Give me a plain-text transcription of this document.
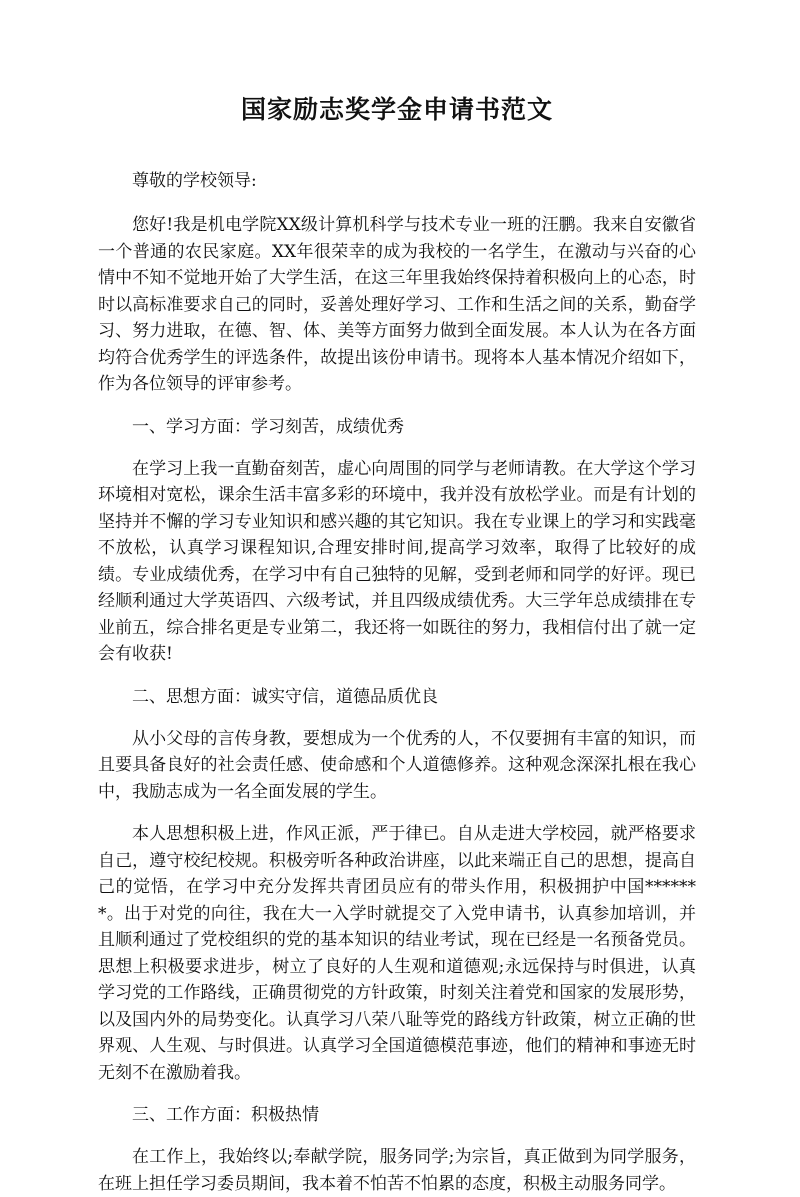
国家励志奖学金申请书范文

尊敬的学校领导:

您好!我是机电学院XX级计算机科学与技术专业一班的汪鹏。我来自安徽省一个普通的农民家庭。XX年很荣幸的成为我校的一名学生，在激动与兴奋的心情中不知不觉地开始了大学生活，在这三年里我始终保持着积极向上的心态，时时以高标准要求自己的同时，妥善处理好学习、工作和生活之间的关系，勤奋学习、努力进取，在德、智、体、美等方面努力做到全面发展。本人认为在各方面均符合优秀学生的评选条件，故提出该份申请书。现将本人基本情况介绍如下，作为各位领导的评审参考。

一、学习方面：学习刻苦，成绩优秀

在学习上我一直勤奋刻苦，虚心向周围的同学与老师请教。在大学这个学习环境相对宽松，课余生活丰富多彩的环境中，我并没有放松学业。而是有计划的坚持并不懈的学习专业知识和感兴趣的其它知识。我在专业课上的学习和实践毫不放松，认真学习课程知识,合理安排时间,提高学习效率，取得了比较好的成绩。专业成绩优秀，在学习中有自己独特的见解，受到老师和同学的好评。现已经顺利通过大学英语四、六级考试，并且四级成绩优秀。大三学年总成绩排在专业前五，综合排名更是专业第二，我还将一如既往的努力，我相信付出了就一定会有收获!

二、思想方面：诚实守信，道德品质优良

从小父母的言传身教，要想成为一个优秀的人，不仅要拥有丰富的知识，而且要具备良好的社会责任感、使命感和个人道德修养。这种观念深深扎根在我心中，我励志成为一名全面发展的学生。

本人思想积极上进，作风正派，严于律已。自从走进大学校园，就严格要求自己，遵守校纪校规。积极旁听各种政治讲座，以此来端正自己的思想，提高自己的觉悟，在学习中充分发挥共青团员应有的带头作用，积极拥护中国*******。出于对党的向往，我在大一入学时就提交了入党申请书，认真参加培训，并且顺利通过了党校组织的党的基本知识的结业考试，现在已经是一名预备党员。思想上积极要求进步，树立了良好的人生观和道德观;永远保持与时俱进，认真学习党的工作路线，正确贯彻党的方针政策，时刻关注着党和国家的发展形势，以及国内外的局势变化。认真学习八荣八耻等党的路线方针政策，树立正确的世界观、人生观、与时俱进。认真学习全国道德模范事迹，他们的精神和事迹无时无刻不在激励着我。

三、工作方面：积极热情

在工作上，我始终以;奉献学院，服务同学;为宗旨，真正做到为同学服务，在班上担任学习委员期间，我本着不怕苦不怕累的态度，积极主动服务同学。
